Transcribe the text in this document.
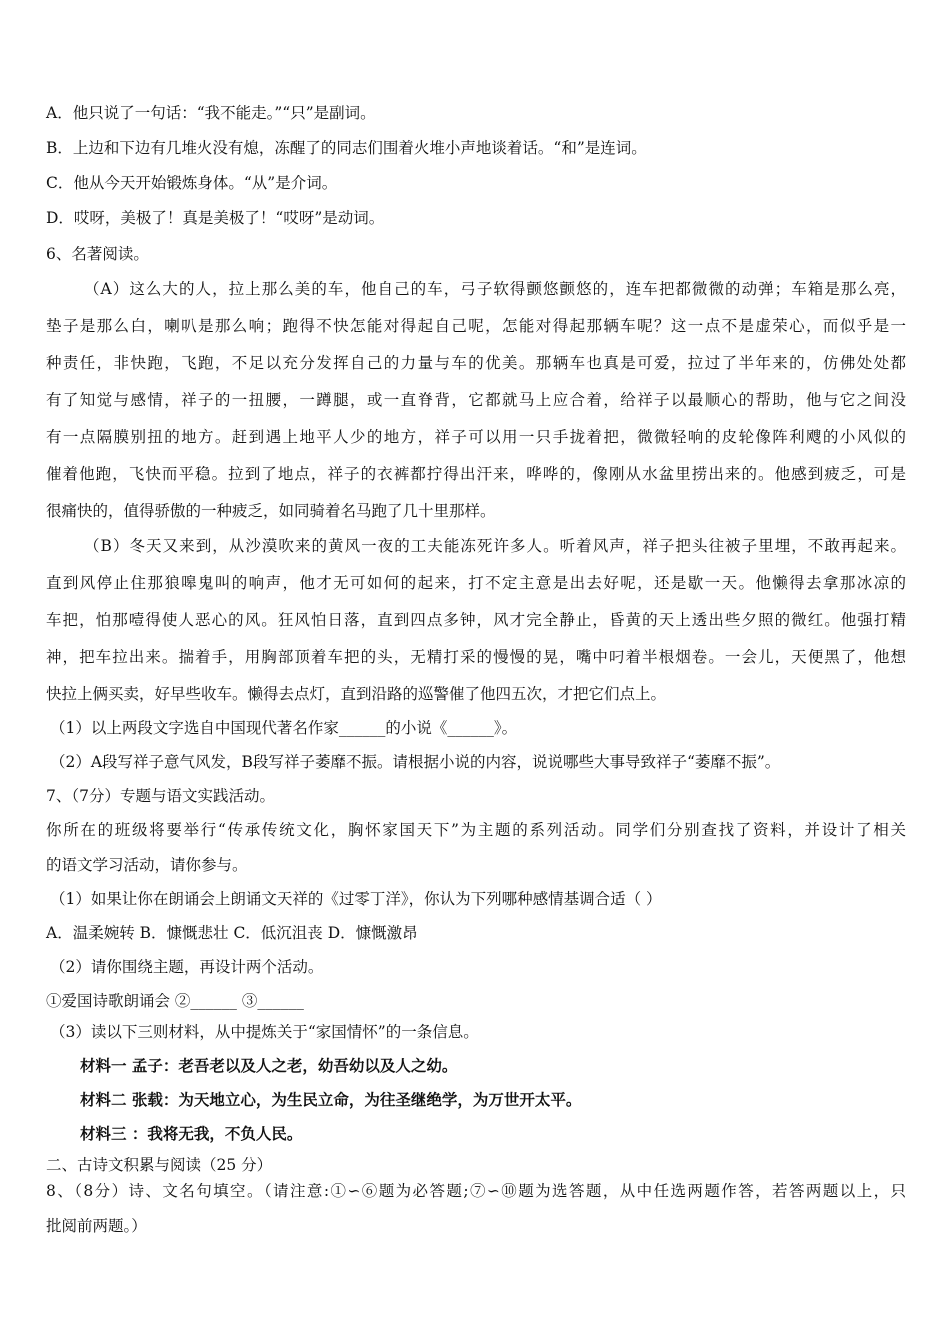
A．他只说了一句话：“我不能走。”“只”是副词。
B．上边和下边有几堆火没有熄，冻醒了的同志们围着火堆小声地谈着话。“和”是连词。
C．他从今天开始锻炼身体。“从”是介词。
D．哎呀，美极了！真是美极了！“哎呀”是动词。
6、名著阅读。
（A）这么大的人，拉上那么美的车，他自己的车，弓子软得颤悠颤悠的，连车把都微微的动弹；车箱是那么亮，
垫子是那么白，喇叭是那么响；跑得不快怎能对得起自己呢，怎能对得起那辆车呢？这一点不是虚荣心，而似乎是一
种责任，非快跑，飞跑，不足以充分发挥自己的力量与车的优美。那辆车也真是可爱，拉过了半年来的，仿佛处处都
有了知觉与感情，祥子的一扭腰，一蹲腿，或一直脊背，它都就马上应合着，给祥子以最顺心的帮助，他与它之间没
有一点隔膜别扭的地方。赶到遇上地平人少的地方，祥子可以用一只手拢着把，微微轻响的皮轮像阵利飕的小风似的
催着他跑，飞快而平稳。拉到了地点，祥子的衣裤都拧得出汗来，哗哗的，像刚从水盆里捞出来的。他感到疲乏，可是
很痛快的，值得骄傲的一种疲乏，如同骑着名马跑了几十里那样。
（B）冬天又来到，从沙漠吹来的黄风一夜的工夫能冻死许多人。听着风声，祥子把头往被子里埋，不敢再起来。
直到风停止住那狼嗥鬼叫的响声，他才无可如何的起来，打不定主意是出去好呢，还是歇一天。他懒得去拿那冰凉的
车把，怕那噎得使人恶心的风。狂风怕日落，直到四点多钟，风才完全静止，昏黄的天上透出些夕照的微红。他强打精
神，把车拉出来。揣着手，用胸部顶着车把的头，无精打采的慢慢的晃，嘴中叼着半根烟卷。一会儿，天便黑了，他想
快拉上俩买卖，好早些收车。懒得去点灯，直到沿路的巡警催了他四五次，才把它们点上。
（1）以上两段文字选自中国现代著名作家______的小说《______》。
（2）A段写祥子意气风发，B段写祥子萎靡不振。请根据小说的内容，说说哪些大事导致祥子“萎靡不振”。
7、（7分）专题与语文实践活动。
你所在的班级将要举行“传承传统文化，胸怀家国天下”为主题的系列活动。同学们分别查找了资料，并设计了相关
的语文学习活动，请你参与。
（1）如果让你在朗诵会上朗诵文天祥的《过零丁洋》，你认为下列哪种感情基调合适（ ）
A．温柔婉转 B．慷慨悲壮 C．低沉沮丧 D．慷慨激昂
（2）请你围绕主题，再设计两个活动。
①爱国诗歌朗诵会 ②______ ③______
（3）读以下三则材料，从中提炼关于“家国情怀”的一条信息。
材料一 孟子：老吾老以及人之老，幼吾幼以及人之幼。
材料二 张载：为天地立心，为生民立命，为往圣继绝学，为万世开太平。
材料三 ：我将无我，不负人民。
二、古诗文积累与阅读（25 分）
8、（8分）诗、文名句填空。（请注意:①∽⑥题为必答题;⑦∽⑩题为选答题，从中任选两题作答，若答两题以上，只
批阅前两题。）
